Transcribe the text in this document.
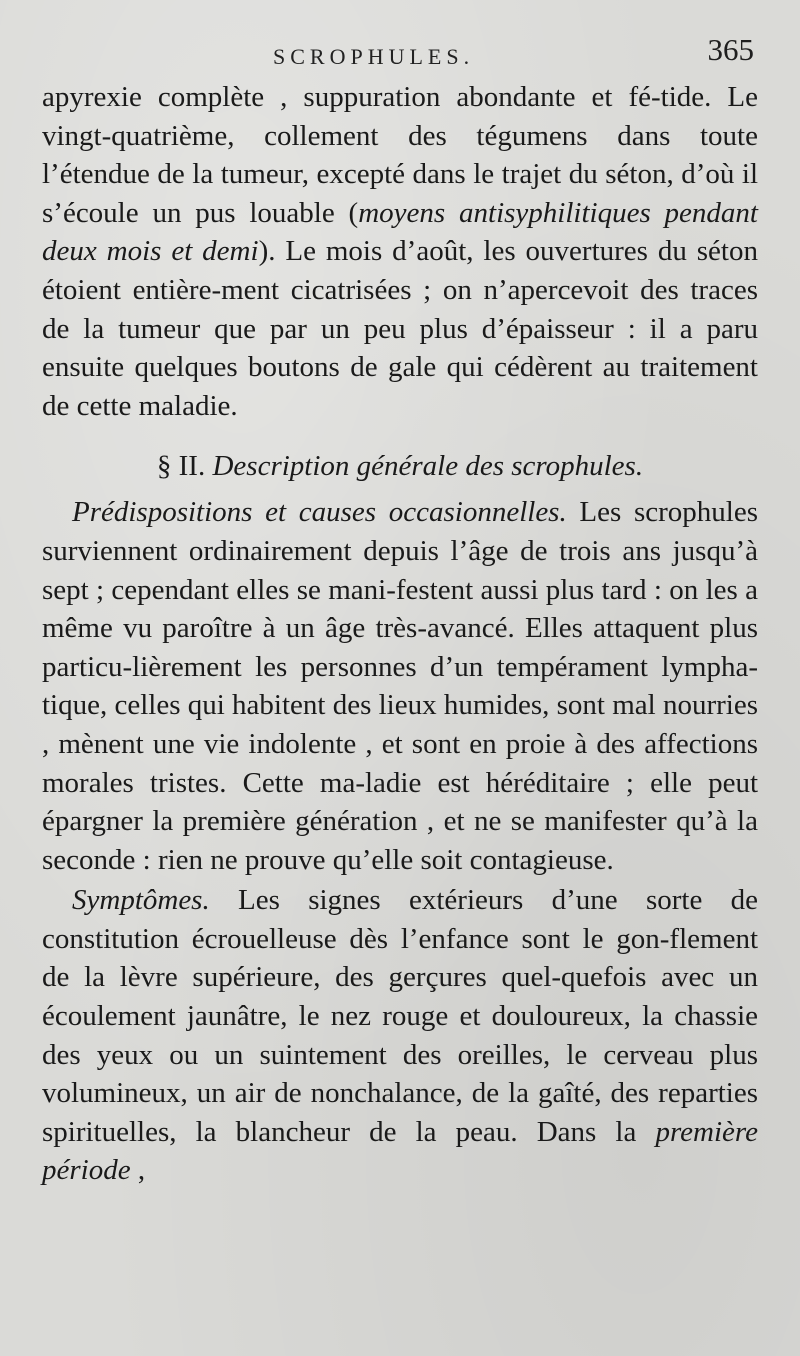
SCROPHULES.	365

apyrexie complète , suppuration abondante et fé-tide. Le vingt-quatrième, collement des tégumens dans toute l’étendue de la tumeur, excepté dans le trajet du séton, d’où il s’écoule un pus louable (moyens antisyphilitiques pendant deux mois et demi). Le mois d’août, les ouvertures du séton étoient entière-ment cicatrisées ; on n’apercevoit des traces de la tumeur que par un peu plus d’épaisseur : il a paru ensuite quelques boutons de gale qui cédèrent au traitement de cette maladie.

§ II. Description générale des scrophules.

Prédispositions et causes occasionnelles. Les scrophules surviennent ordinairement depuis l’âge de trois ans jusqu’à sept ; cependant elles se mani-festent aussi plus tard : on les a même vu paroître à un âge très-avancé. Elles attaquent plus particu-lièrement les personnes d’un tempérament lympha-tique, celles qui habitent des lieux humides, sont mal nourries , mènent une vie indolente , et sont en proie à des affections morales tristes. Cette ma-ladie est héréditaire ; elle peut épargner la première génération , et ne se manifester qu’à la seconde : rien ne prouve qu’elle soit contagieuse.

Symptômes. Les signes extérieurs d’une sorte de constitution écrouelleuse dès l’enfance sont le gon-flement de la lèvre supérieure, des gerçures quel-quefois avec un écoulement jaunâtre, le nez rouge et douloureux, la chassie des yeux ou un suintement des oreilles, le cerveau plus volumineux, un air de nonchalance, de la gaîté, des reparties spirituelles, la blancheur de la peau. Dans la première période ,
